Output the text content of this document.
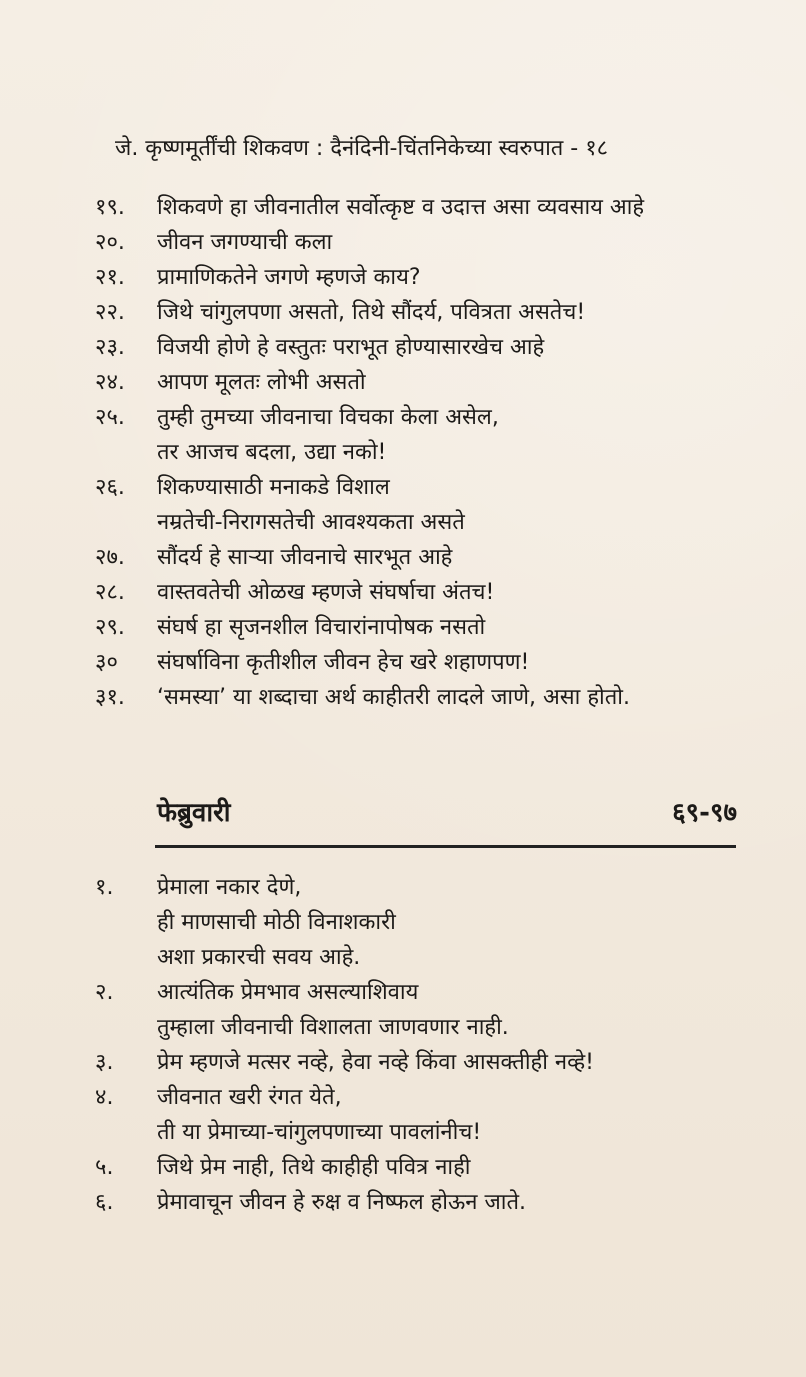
जे. कृष्णमूर्तींची शिकवण : दैनंदिनी-चिंतनिकेच्या स्वरुपात - १८
१९.	शिकवणे हा जीवनातील सर्वोत्कृष्ट व उदात्त असा व्यवसाय आहे
२०.	जीवन जगण्याची कला
२१.	प्रामाणिकतेने जगणे म्हणजे काय?
२२.	जिथे चांगुलपणा असतो, तिथे सौंदर्य, पवित्रता असतेच!
२३.	विजयी होणे हे वस्तुतः पराभूत होण्यासारखेच आहे
२४.	आपण मूलतः लोभी असतो
२५.	तुम्ही तुमच्या जीवनाचा विचका केला असेल,
तर आजच बदला, उद्या नको!
२६.	शिकण्यासाठी मनाकडे विशाल
नम्रतेची-निरागसतेची आवश्यकता असते
२७.	सौंदर्य हे साऱ्या जीवनाचे सारभूत आहे
२८.	वास्तवतेची ओळख म्हणजे संघर्षाचा अंतच!
२९.	संघर्ष हा सृजनशील विचारांनापोषक नसतो
३०	संघर्षाविना कृतीशील जीवन हेच खरे शहाणपण!
३१.	‘समस्या’ या शब्दाचा अर्थ काहीतरी लादले जाणे, असा होतो.
फेब्रुवारी	६९-९७
१.	प्रेमाला नकार देणे,
ही माणसाची मोठी विनाशकारी
अशा प्रकारची सवय आहे.
२.	आत्यंतिक प्रेमभाव असल्याशिवाय
तुम्हाला जीवनाची विशालता जाणवणार नाही.
३.	प्रेम म्हणजे मत्सर नव्हे, हेवा नव्हे किंवा आसक्तीही नव्हे!
४.	जीवनात खरी रंगत येते,
ती या प्रेमाच्या-चांगुलपणाच्या पावलांनीच!
५.	जिथे प्रेम नाही, तिथे काहीही पवित्र नाही
६.	प्रेमावाचून जीवन हे रुक्ष व निष्फल होऊन जाते.
